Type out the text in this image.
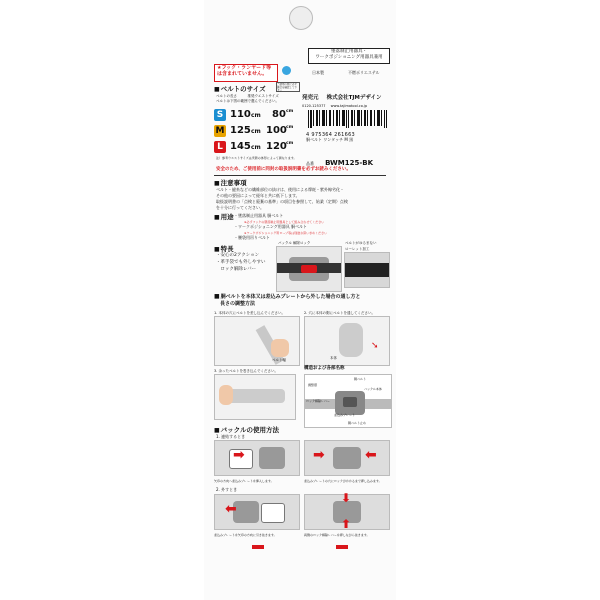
墜落制止用器具・
ワークポジショニング用器具兼用
★フック・ランヤード等
は含まれていません。	日本製	不燃ポリエステル
発売元 株式会社TJMデザイン
0120-125377 www.tajimatool.co.jp
■ ベルトのサイズ
ご使用の際に必ず適合を確認して下さい
ベルトの長さ　　　推奨ウエストサイズ
ベルトは下図の範囲で選んでください。
S 110 cm 80 cm
M 125 cm 100 cm
L 145 cm 120 cm
注）参考ウエストサイズは実際の体形によって異なります。
4 975364 261663
胴ベルト ワンタッチ M 黒
品番 BWM125-BK
安全のため、ご使用前に同封の取扱説明書を必ずお読みください。
■ 注意事項
ベルト・縫糸などの繊維部位の抜けは、使用による摩耗・紫外線劣化・
その他の要因によって経年と共に低下します。
取扱説明書の「点検と廃棄の基準」の項目を参照して、始業（定期）点検
を十分に行ってください。
■ 用途 ・墜落制止用器具 胴ベルト
※必ずフックの墜落制止用器具として組み合わせてください
・ワークポジショニング用器具 胴ベルト
※ワークポジショニング用ロープ等は別途お買い求めください
・腰袋用吊りベルト
■ 特長
・安心の2アクション
・革手袋でも外しやすい
　ロック解除レバー
バックル 解除ロック	ベルトがゆるまない
ローレット加工
■ 胴ベルトを本体又は差込みプレートから外した場合の通し方と
長さの調整方法
1. 本体の穴にベルトを差し込んでください。	2. 穴に本体の側にベルトを通してください。
ベルト幅
➘
本体
3. 余ったベルトを巻き込んでください。	構造および各部名称
胴ベルト
バックル本体
差込みプレート
ロック解除レバー
調整環
胴ベルト止め
■ バックルの使用方法
1. 連結するとき
➡	➡	⬅
矢印の方向へ差込みプレートを挿入します。	差込みプレートの穴にロックがかかるまで押し込みます。
2. 外すとき
⬅
⬇
⬆
差込みプレートを矢印の方向に引き抜きます。	両側のロック解除レバーを押しながら抜きます。
